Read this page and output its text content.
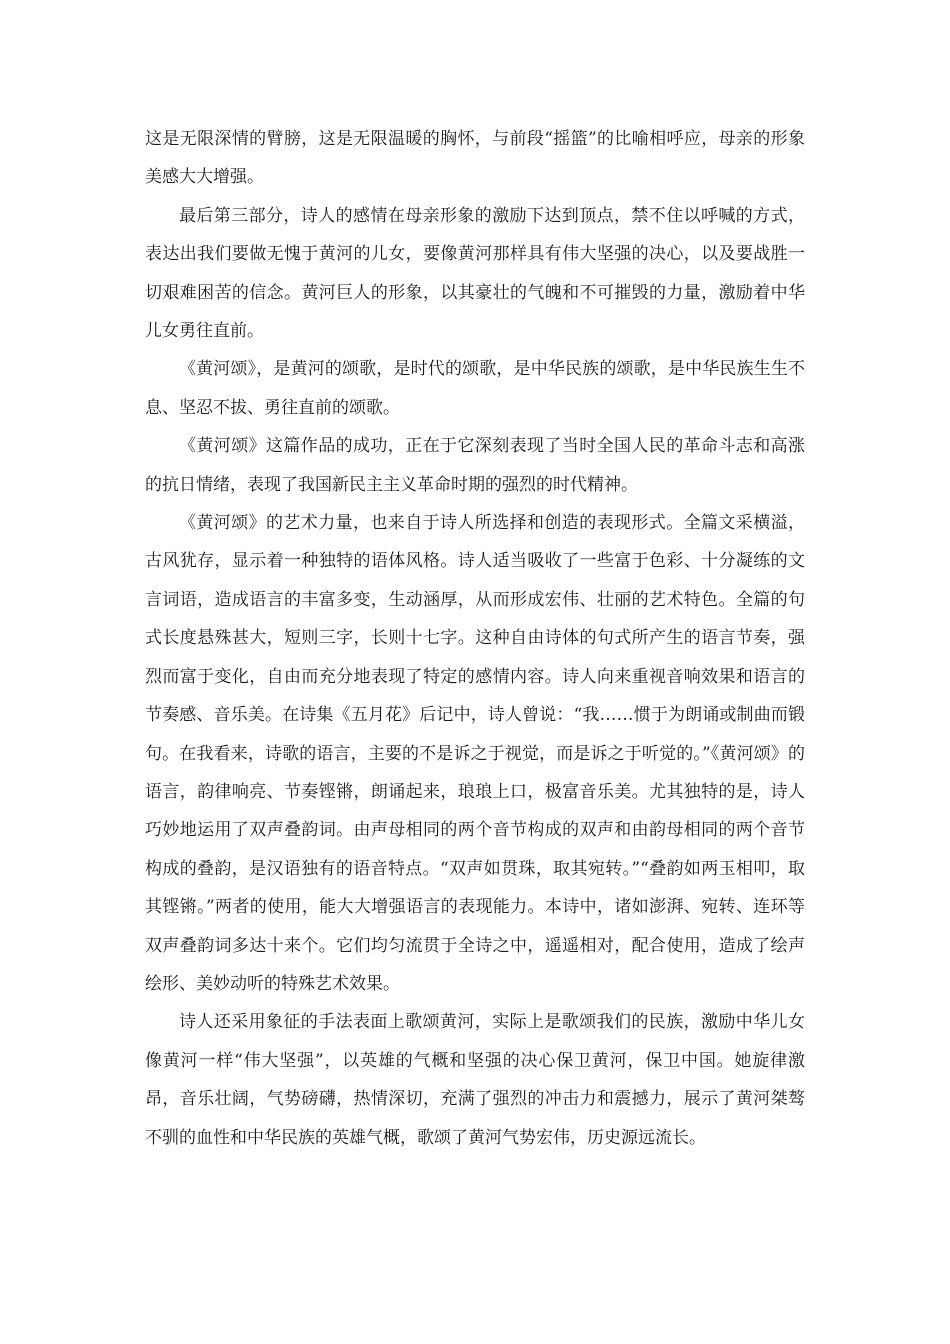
这是无限深情的臂膀，这是无限温暖的胸怀，与前段“摇篮”的比喻相呼应，母亲的形象美感大大增强。

最后第三部分，诗人的感情在母亲形象的激励下达到顶点，禁不住以呼喊的方式，表达出我们要做无愧于黄河的儿女，要像黄河那样具有伟大坚强的决心，以及要战胜一切艰难困苦的信念。黄河巨人的形象，以其豪壮的气魄和不可摧毁的力量，激励着中华儿女勇往直前。

《黄河颂》，是黄河的颂歌，是时代的颂歌，是中华民族的颂歌，是中华民族生生不息、坚忍不拔、勇往直前的颂歌。

《黄河颂》这篇作品的成功，正在于它深刻表现了当时全国人民的革命斗志和高涨的抗日情绪，表现了我国新民主主义革命时期的强烈的时代精神。

《黄河颂》的艺术力量，也来自于诗人所选择和创造的表现形式。全篇文采横溢，古风犹存，显示着一种独特的语体风格。诗人适当吸收了一些富于色彩、十分凝练的文言词语，造成语言的丰富多变，生动涵厚，从而形成宏伟、壮丽的艺术特色。全篇的句式长度悬殊甚大，短则三字，长则十七字。这种自由诗体的句式所产生的语言节奏，强烈而富于变化，自由而充分地表现了特定的感情内容。诗人向来重视音响效果和语言的节奏感、音乐美。在诗集《五月花》后记中，诗人曾说：“我……惯于为朗诵或制曲而锻句。在我看来，诗歌的语言，主要的不是诉之于视觉，而是诉之于听觉的。”《黄河颂》的语言，韵律响亮、节奏铿锵，朗诵起来，琅琅上口，极富音乐美。尤其独特的是，诗人巧妙地运用了双声叠韵词。由声母相同的两个音节构成的双声和由韵母相同的两个音节构成的叠韵，是汉语独有的语音特点。“双声如贯珠，取其宛转。”“叠韵如两玉相叩，取其铿锵。”两者的使用，能大大增强语言的表现能力。本诗中，诸如澎湃、宛转、连环等双声叠韵词多达十来个。它们均匀流贯于全诗之中，遥遥相对，配合使用，造成了绘声绘形、美妙动听的特殊艺术效果。

诗人还采用象征的手法表面上歌颂黄河，实际上是歌颂我们的民族，激励中华儿女像黄河一样“伟大坚强”，以英雄的气概和坚强的决心保卫黄河，保卫中国。她旋律激昂，音乐壮阔，气势磅礴，热情深切，充满了强烈的冲击力和震撼力，展示了黄河桀骜不驯的血性和中华民族的英雄气概，歌颂了黄河气势宏伟，历史源远流长。
